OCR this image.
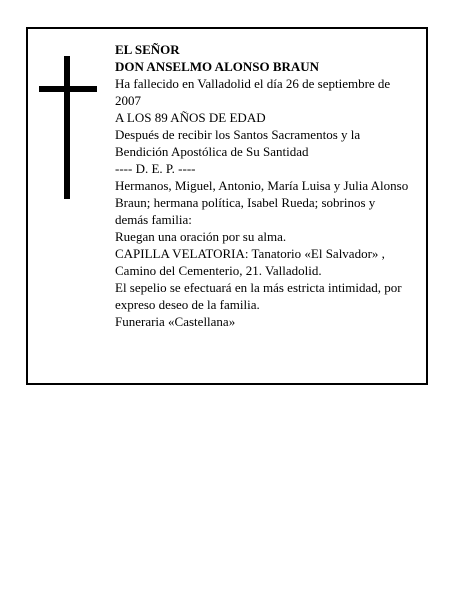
EL SEÑOR

DON ANSELMO ALONSO BRAUN

Ha fallecido en Valladolid el día 26 de septiembre de 2007

A LOS 89 AÑOS DE EDAD

Después de recibir los Santos Sacramentos y la Bendición Apostólica de Su Santidad

---- D. E. P. ----

Hermanos, Miguel, Antonio, María Luisa y Julia Alonso Braun; hermana política, Isabel Rueda; sobrinos y demás familia:

Ruegan una oración por su alma.

CAPILLA VELATORIA: Tanatorio «El Salvador» , Camino del Cementerio, 21. Valladolid.

El sepelio se efectuará en la más estricta intimidad, por expreso deseo de la familia.

Funeraria «Castellana»
